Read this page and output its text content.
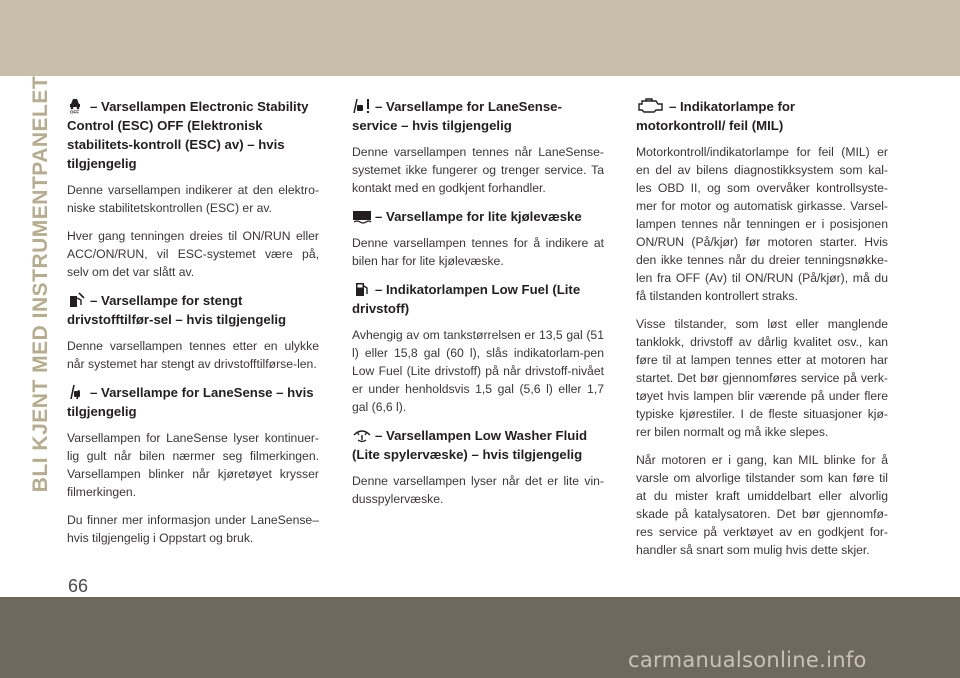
BLI KJENT MED INSTRUMENTPANELET	OFF – Varsellampen Electronic Stability Control (ESC) OFF (Elektronisk stabilitets-kontroll (ESC) av) – hvis tilgjengelig

Denne varsellampen indikerer at den elektro-niske stabilitetskontrollen (ESC) er av.

Hver gang tenningen dreies til ON/RUN eller ACC/ON/RUN, vil ESC-systemet være på, selv om det var slått av.

– Varsellampe for stengt drivstofftilfør-sel – hvis tilgjengelig

Denne varsellampen tennes etter en ulykke når systemet har stengt av drivstofftilførse-len.

– Varsellampe for LaneSense – hvis tilgjengelig

Varsellampen for LaneSense lyser kontinuer-lig gult når bilen nærmer seg filmerkingen. Varsellampen blinker når kjøretøyet krysser filmerkingen.

Du finner mer informasjon under LaneSense– hvis tilgjengelig i Oppstart og bruk.

– Varsellampe for LaneSense-service – hvis tilgjengelig

Denne varsellampen tennes når LaneSense-systemet ikke fungerer og trenger service. Ta kontakt med en godkjent forhandler.

– Varsellampe for lite kjølevæske

Denne varsellampen tennes for å indikere at bilen har for lite kjølevæske.

– Indikatorlampen Low Fuel (Lite drivstoff)

Avhengig av om tankstørrelsen er 13,5 gal (51 l) eller 15,8 gal (60 l), slås indikatorlam-pen Low Fuel (Lite drivstoff) på når drivstoff-nivået er under henholdsvis 1,5 gal (5,6 l) eller 1,7 gal (6,6 l).

– Varsellampen Low Washer Fluid (Lite spylervæske) – hvis tilgjengelig

Denne varsellampen lyser når det er lite vin-dusspylervæske.

– Indikatorlampe for motorkontroll/ feil (MIL)

Motorkontroll/indikatorlampe for feil (MIL) er en del av bilens diagnostikksystem som kal-les OBD II, og som overvåker kontrollsyste-mer for motor og automatisk girkasse. Varsel-lampen tennes når tenningen er i posisjonen ON/RUN (På/kjør) før motoren starter. Hvis den ikke tennes når du dreier tenningsnøkke-len fra OFF (Av) til ON/RUN (På/kjør), må du få tilstanden kontrollert straks.

Visse tilstander, som løst eller manglende tanklokk, drivstoff av dårlig kvalitet osv., kan føre til at lampen tennes etter at motoren har startet. Det bør gjennomføres service på verk-tøyet hvis lampen blir værende på under flere typiske kjørestiler. I de fleste situasjoner kjø-rer bilen normalt og må ikke slepes.

Når motoren er i gang, kan MIL blinke for å varsle om alvorlige tilstander som kan føre til at du mister kraft umiddelbart eller alvorlig skade på katalysatoren. Det bør gjennomfø-res service på verktøyet av en godkjent for-handler så snart som mulig hvis dette skjer.

66
carmanualsonline.info
